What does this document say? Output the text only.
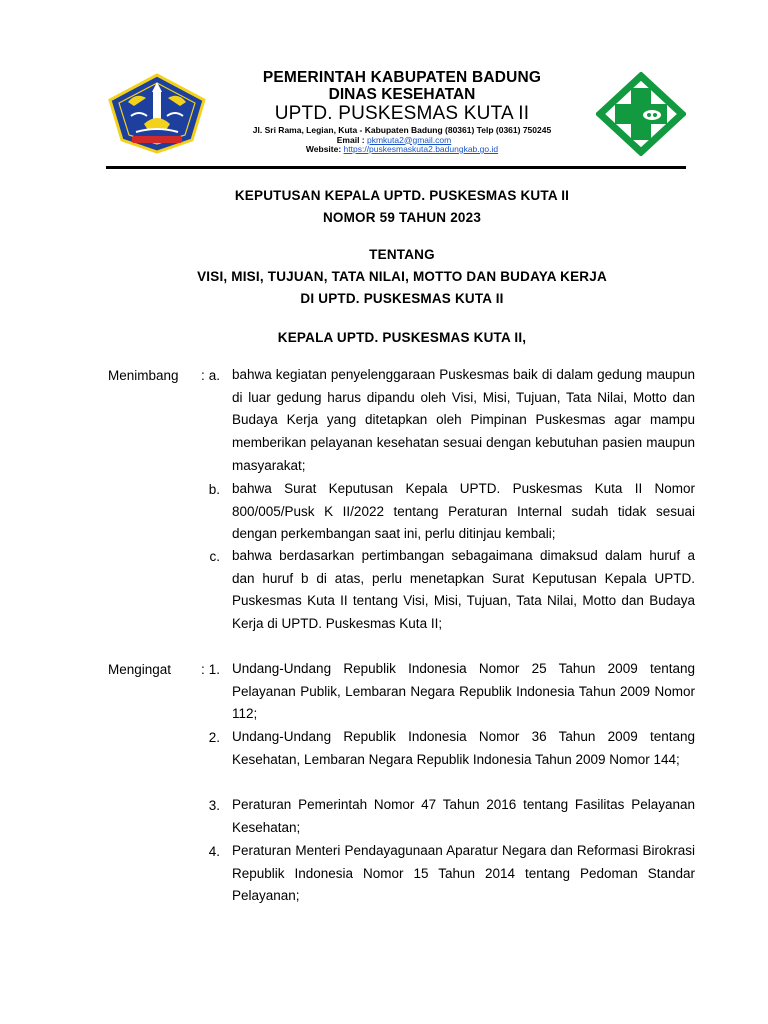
PEMERINTAH KABUPATEN BADUNG
DINAS KESEHATAN
UPTD. PUSKESMAS KUTA II
Jl. Sri Rama, Legian, Kuta - Kabupaten Badung (80361) Telp (0361) 750245
Email : pkmkuta2@gmail.com
Website: https://puskesmaskuta2.badungkab.go.id
KEPUTUSAN KEPALA UPTD. PUSKESMAS KUTA II
NOMOR 59 TAHUN 2023
TENTANG
VISI, MISI, TUJUAN, TATA NILAI, MOTTO DAN BUDAYA KERJA
DI UPTD. PUSKESMAS KUTA II
KEPALA UPTD. PUSKESMAS KUTA II,
Menimbang : a. bahwa kegiatan penyelenggaraan Puskesmas baik di dalam gedung maupun di luar gedung harus dipandu oleh Visi, Misi, Tujuan, Tata Nilai, Motto dan Budaya Kerja yang ditetapkan oleh Pimpinan Puskesmas agar mampu memberikan pelayanan kesehatan sesuai dengan kebutuhan pasien maupun masyarakat;
b. bahwa Surat Keputusan Kepala UPTD. Puskesmas Kuta II Nomor 800/005/Pusk K II/2022 tentang Peraturan Internal sudah tidak sesuai dengan perkembangan saat ini, perlu ditinjau kembali;
c. bahwa berdasarkan pertimbangan sebagaimana dimaksud dalam huruf a dan huruf b di atas, perlu menetapkan Surat Keputusan Kepala UPTD. Puskesmas Kuta II tentang Visi, Misi, Tujuan, Tata Nilai, Motto dan Budaya Kerja di UPTD. Puskesmas Kuta II;
Mengingat : 1. Undang-Undang Republik Indonesia Nomor 25 Tahun 2009 tentang Pelayanan Publik, Lembaran Negara Republik Indonesia Tahun 2009 Nomor 112;
2. Undang-Undang Republik Indonesia Nomor 36 Tahun 2009 tentang Kesehatan, Lembaran Negara Republik Indonesia Tahun 2009 Nomor 144;
3. Peraturan Pemerintah Nomor 47 Tahun 2016 tentang Fasilitas Pelayanan Kesehatan;
4. Peraturan Menteri Pendayagunaan Aparatur Negara dan Reformasi Birokrasi Republik Indonesia Nomor 15 Tahun 2014 tentang Pedoman Standar Pelayanan;
